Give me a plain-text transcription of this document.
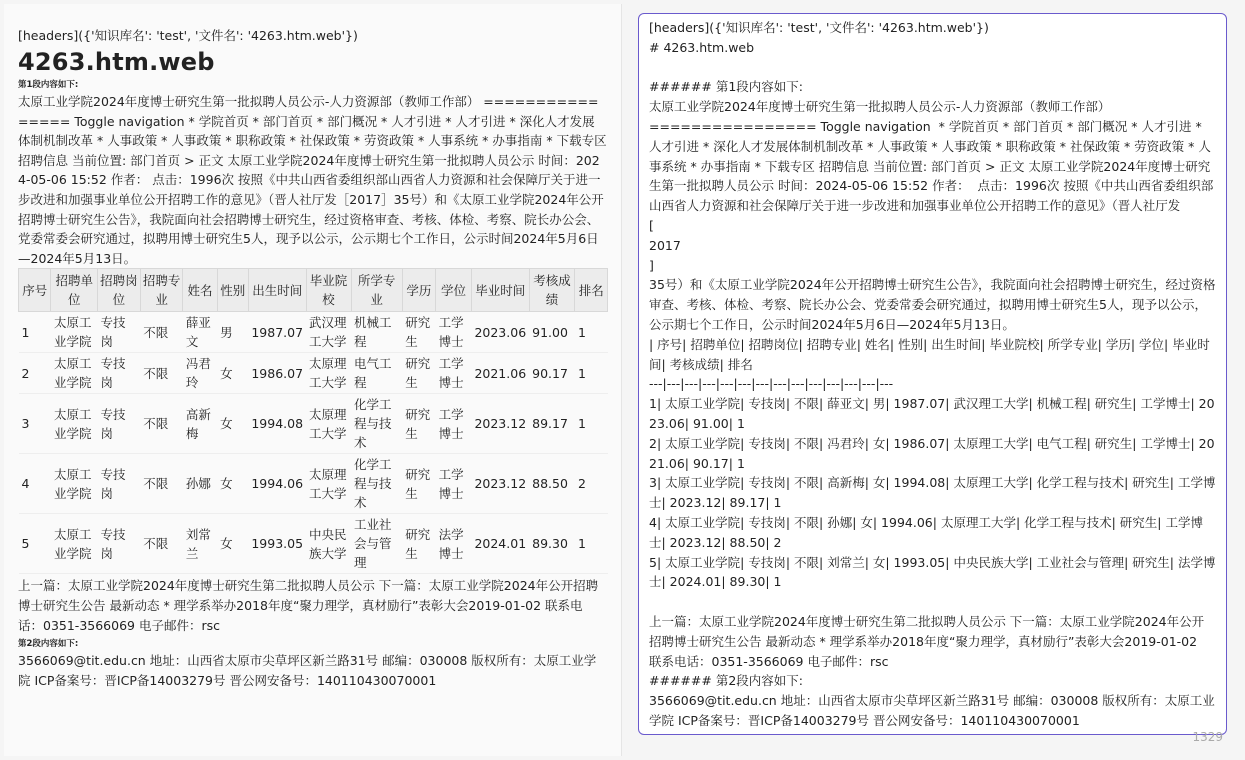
[headers]({'知识库名': 'test', '文件名': '4263.htm.web'})
4263.htm.web
第1段内容如下:

太原工业学院2024年度博士研究生第一批拟聘人员公示-人力资源部（教师工作部） ================ Toggle navigation * 学院首页 * 部门首页 * 部门概况 * 人才引进 * 人才引进 * 深化人才发展体制机制改革 * 人事政策 * 人事政策 * 职称政策 * 社保政策 * 劳资政策 * 人事系统 * 办事指南 * 下载专区 招聘信息 当前位置: 部门首页 > 正文 太原工业学院2024年度博士研究生第一批拟聘人员公示 时间：2024-05-06 15:52 作者： 点击：1996次 按照《中共山西省委组织部山西省人力资源和社会保障厅关于进一步改进和加强事业单位公开招聘工作的意见》（晋人社厅发［2017］35号）和《太原工业学院2024年公开招聘博士研究生公告》，我院面向社会招聘博士研究生，经过资格审查、考核、体检、考察、院长办公会、党委常委会研究通过，拟聘用博士研究生5人，现予以公示，公示期七个工作日，公示时间2024年5月6日—2024年5月13日。

序号	招聘单位	招聘岗位	招聘专业	姓名	性别	出生时间	毕业院校	所学专业	学历	学位	毕业时间	考核成绩	排名
1	太原工业学院	专技岗	不限	薛亚文	男	1987.07	武汉理工大学	机械工程	研究生	工学博士	2023.06	91.00	1
2	太原工业学院	专技岗	不限	冯君玲	女	1986.07	太原理工大学	电气工程	研究生	工学博士	2021.06	90.17	1
3	太原工业学院	专技岗	不限	高新梅	女	1994.08	太原理工大学	化学工程与技术	研究生	工学博士	2023.12	89.17	1
4	太原工业学院	专技岗	不限	孙娜	女	1994.06	太原理工大学	化学工程与技术	研究生	工学博士	2023.12	88.50	2
5	太原工业学院	专技岗	不限	刘常兰	女	1993.05	中央民族大学	工业社会与管理	研究生	法学博士	2024.01	89.30	1

上一篇：太原工业学院2024年度博士研究生第二批拟聘人员公示 下一篇：太原工业学院2024年公开招聘博士研究生公告 最新动态 * 理学系举办2018年度“聚力理学，真材励行”表彰大会2019-01-02 联系电话：0351-3566069 电子邮件：rsc

第2段内容如下:

3566069@tit.edu.cn 地址：山西省太原市尖草坪区新兰路31号 邮编：030008 版权所有：太原工业学院 ICP备案号：晋ICP备14003279号 晋公网安备号：140110430070001

[headers]({'知识库名': 'test', '文件名': '4263.htm.web'})
# 4263.htm.web

###### 第1段内容如下:
太原工业学院2024年度博士研究生第一批拟聘人员公示-人力资源部（教师工作部）
================ Toggle navigation  * 学院首页 * 部门首页 * 部门概况 * 人才引进 * 人才引进 * 深化人才发展体制机制改革 * 人事政策 * 人事政策 * 职称政策 * 社保政策 * 劳资政策 * 人事系统 * 办事指南 * 下载专区 招聘信息 当前位置: 部门首页 > 正文 太原工业学院2024年度博士研究生第一批拟聘人员公示 时间：2024-05-06 15:52 作者：  点击：1996次 按照《中共山西省委组织部山西省人力资源和社会保障厅关于进一步改进和加强事业单位公开招聘工作的意见》（晋人社厅发
[
2017
]
35号）和《太原工业学院2024年公开招聘博士研究生公告》，我院面向社会招聘博士研究生，经过资格审查、考核、体检、考察、院长办公会、党委常委会研究通过，拟聘用博士研究生5人，现予以公示，公示期七个工作日，公示时间2024年5月6日—2024年5月13日。
| 序号| 招聘单位| 招聘岗位| 招聘专业| 姓名| 性别| 出生时间| 毕业院校| 所学专业| 学历| 学位| 毕业时间| 考核成绩| 排名
---|---|---|---|---|---|---|---|---|---|---|---|---|---
1| 太原工业学院| 专技岗| 不限| 薛亚文| 男| 1987.07| 武汉理工大学| 机械工程| 研究生| 工学博士| 2023.06| 91.00| 1
2| 太原工业学院| 专技岗| 不限| 冯君玲| 女| 1986.07| 太原理工大学| 电气工程| 研究生| 工学博士| 2021.06| 90.17| 1
3| 太原工业学院| 专技岗| 不限| 高新梅| 女| 1994.08| 太原理工大学| 化学工程与技术| 研究生| 工学博士| 2023.12| 89.17| 1
4| 太原工业学院| 专技岗| 不限| 孙娜| 女| 1994.06| 太原理工大学| 化学工程与技术| 研究生| 工学博士| 2023.12| 88.50| 2
5| 太原工业学院| 专技岗| 不限| 刘常兰| 女| 1993.05| 中央民族大学| 工业社会与管理| 研究生| 法学博士| 2024.01| 89.30| 1

上一篇：太原工业学院2024年度博士研究生第二批拟聘人员公示 下一篇：太原工业学院2024年公开招聘博士研究生公告 最新动态 * 理学系举办2018年度“聚力理学，真材励行”表彰大会2019-01-02   联系电话：0351-3566069 电子邮件：rsc
###### 第2段内容如下:
3566069@tit.edu.cn 地址：山西省太原市尖草坪区新兰路31号 邮编：030008 版权所有：太原工业学院 ICP备案号：晋ICP备14003279号 晋公网安备号：140110430070001
1329
